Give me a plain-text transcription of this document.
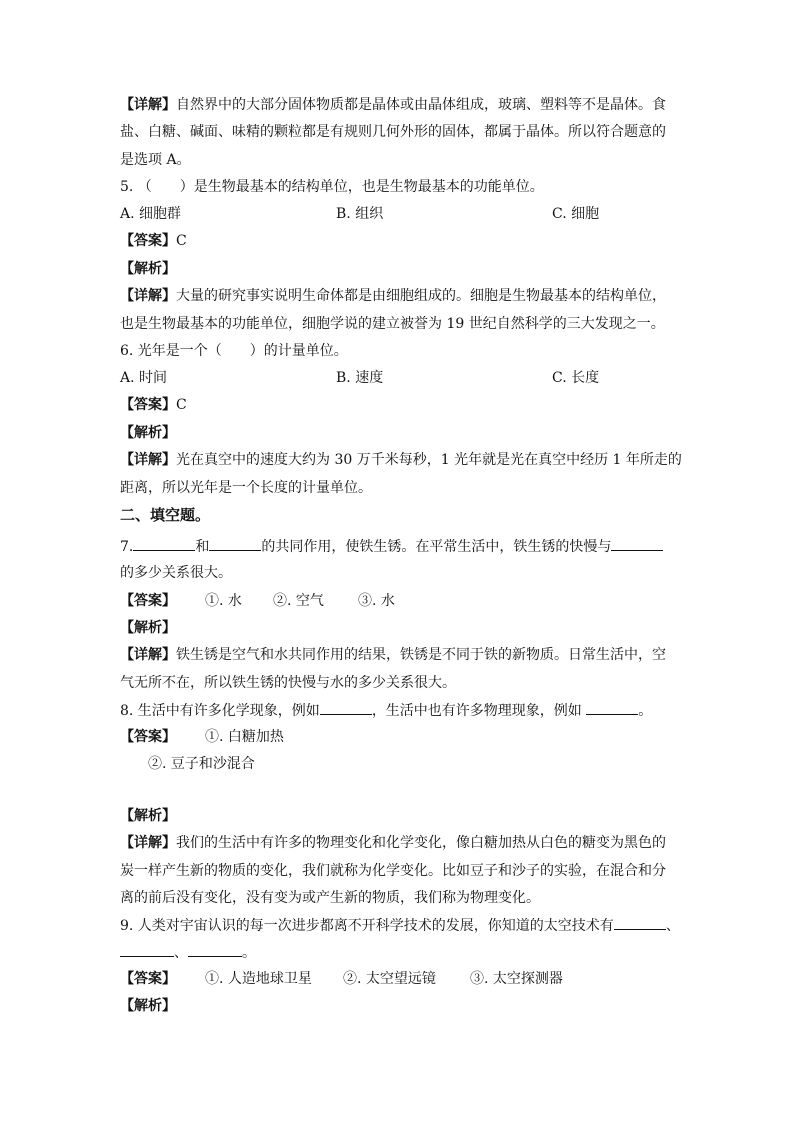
【详解】自然界中的大部分固体物质都是晶体或由晶体组成，玻璃、塑料等不是晶体。食
盐、白糖、碱面、味精的颗粒都是有规则几何外形的固体，都属于晶体。所以符合题意的
是选项 A。
5. （　　）是生物最基本的结构单位，也是生物最基本的功能单位。
A. 细胞群	B. 组织	C. 细胞
【答案】C
【解析】
【详解】大量的研究事实说明生命体都是由细胞组成的。细胞是生物最基本的结构单位，
也是生物最基本的功能单位，细胞学说的建立被誉为 19 世纪自然科学的三大发现之一。
6. 光年是一个（　　）的计量单位。
A. 时间	B. 速度	C. 长度
【答案】C
【解析】
【详解】光在真空中的速度大约为 30 万千米每秒，1 光年就是光在真空中经历 1 年所走的
距离，所以光年是一个长度的计量单位。
二、填空题。
7.	和	的共同作用，使铁生锈。在平常生活中，铁生锈的快慢与
的多少关系很大。
【答案】 ①. 水 ②. 空气 ③. 水
【解析】
【详解】铁生锈是空气和水共同作用的结果，铁锈是不同于铁的新物质。日常生活中，空
气无所不在，所以铁生锈的快慢与水的多少关系很大。
8. 生活中有许多化学现象，例如	，生活中也有许多物理现象，例如	。
【答案】 ①. 白糖加热
②. 豆子和沙混合
【解析】
【详解】我们的生活中有许多的物理变化和化学变化，像白糖加热从白色的糖变为黑色的
炭一样产生新的物质的变化，我们就称为化学变化。比如豆子和沙子的实验，在混合和分
离的前后没有变化，没有变为或产生新的物质，我们称为物理变化。
9. 人类对宇宙认识的每一次进步都离不开科学技术的发展，你知道的太空技术有	、
、	。
【答案】 ①. 人造地球卫星 ②. 太空望远镜 ③. 太空探测器
【解析】
